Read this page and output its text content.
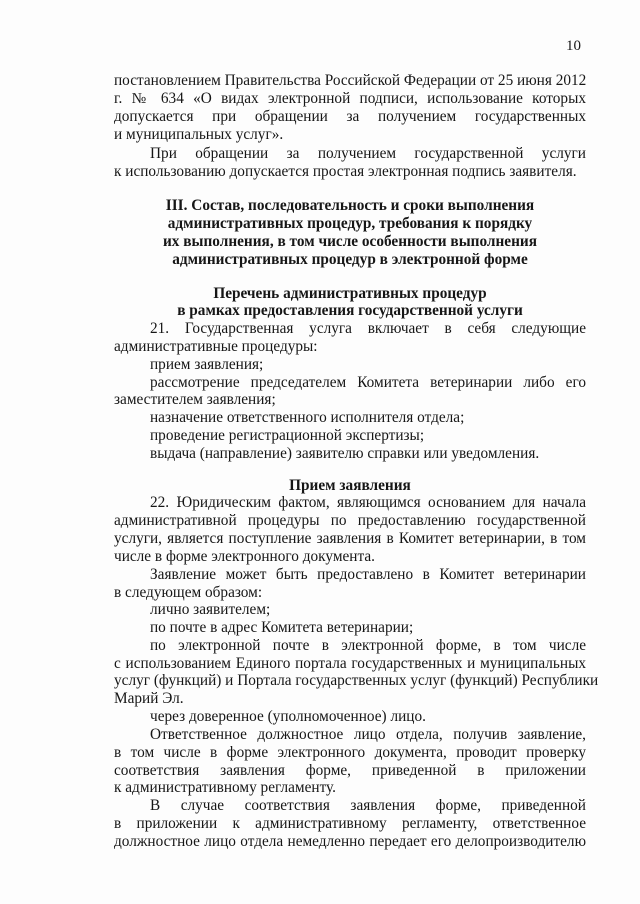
10
постановлением Правительства Российской Федерации от 25 июня 2012
г. № 634 «О видах электронной подписи, использование которых
допускается при обращении за получением государственных
и муниципальных услуг».
При обращении за получением государственной услуги
к использованию допускается простая электронная подпись заявителя.
III. Состав, последовательность и сроки выполнения
административных процедур, требования к порядку
их выполнения, в том числе особенности выполнения
административных процедур в электронной форме
Перечень административных процедур
в рамках предоставления государственной услуги
21. Государственная услуга включает в себя следующие
административные процедуры:
прием заявления;
рассмотрение председателем Комитета ветеринарии либо его
заместителем заявления;
назначение ответственного исполнителя отдела;
проведение регистрационной экспертизы;
выдача (направление) заявителю справки или уведомления.
Прием заявления
22. Юридическим фактом, являющимся основанием для начала
административной процедуры по предоставлению государственной
услуги, является поступление заявления в Комитет ветеринарии, в том
числе в форме электронного документа.
Заявление может быть предоставлено в Комитет ветеринарии
в следующем образом:
лично заявителем;
по почте в адрес Комитета ветеринарии;
по электронной почте в электронной форме, в том числе
с использованием Единого портала государственных и муниципальных
услуг (функций) и Портала государственных услуг (функций) Республики
Марий Эл.
через доверенное (уполномоченное) лицо.
Ответственное должностное лицо отдела, получив заявление,
в том числе в форме электронного документа, проводит проверку
соответствия заявления форме, приведенной в приложении
к административному регламенту.
В случае соответствия заявления форме, приведенной
в приложении к административному регламенту, ответственное
должностное лицо отдела немедленно передает его делопроизводителю
